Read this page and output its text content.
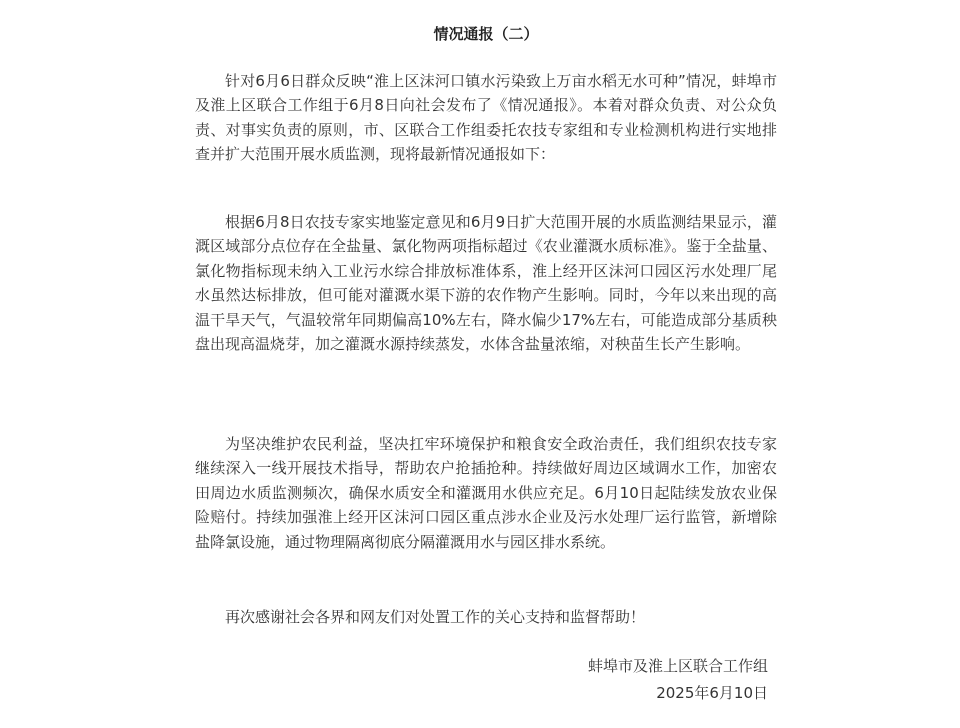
情况通报（二）

针对6月6日群众反映“淮上区沫河口镇水污染致上万亩水稻无水可种”情况，蚌埠市及淮上区联合工作组于6月8日向社会发布了《情况通报》。本着对群众负责、对公众负责、对事实负责的原则，市、区联合工作组委托农技专家组和专业检测机构进行实地排查并扩大范围开展水质监测，现将最新情况通报如下：

根据6月8日农技专家实地鉴定意见和6月9日扩大范围开展的水质监测结果显示，灌溉区域部分点位存在全盐量、氯化物两项指标超过《农业灌溉水质标准》。鉴于全盐量、氯化物指标现未纳入工业污水综合排放标准体系，淮上经开区沫河口园区污水处理厂尾水虽然达标排放，但可能对灌溉水渠下游的农作物产生影响。同时，今年以来出现的高温干旱天气，气温较常年同期偏高10%左右，降水偏少17%左右，可能造成部分基质秧盘出现高温烧芽，加之灌溉水源持续蒸发，水体含盐量浓缩，对秧苗生长产生影响。

为坚决维护农民利益，坚决扛牢环境保护和粮食安全政治责任，我们组织农技专家继续深入一线开展技术指导，帮助农户抢插抢种。持续做好周边区域调水工作，加密农田周边水质监测频次，确保水质安全和灌溉用水供应充足。6月10日起陆续发放农业保险赔付。持续加强淮上经开区沫河口园区重点涉水企业及污水处理厂运行监管，新增除盐降氯设施，通过物理隔离彻底分隔灌溉用水与园区排水系统。

再次感谢社会各界和网友们对处置工作的关心支持和监督帮助！

蚌埠市及淮上区联合工作组

2025年6月10日
